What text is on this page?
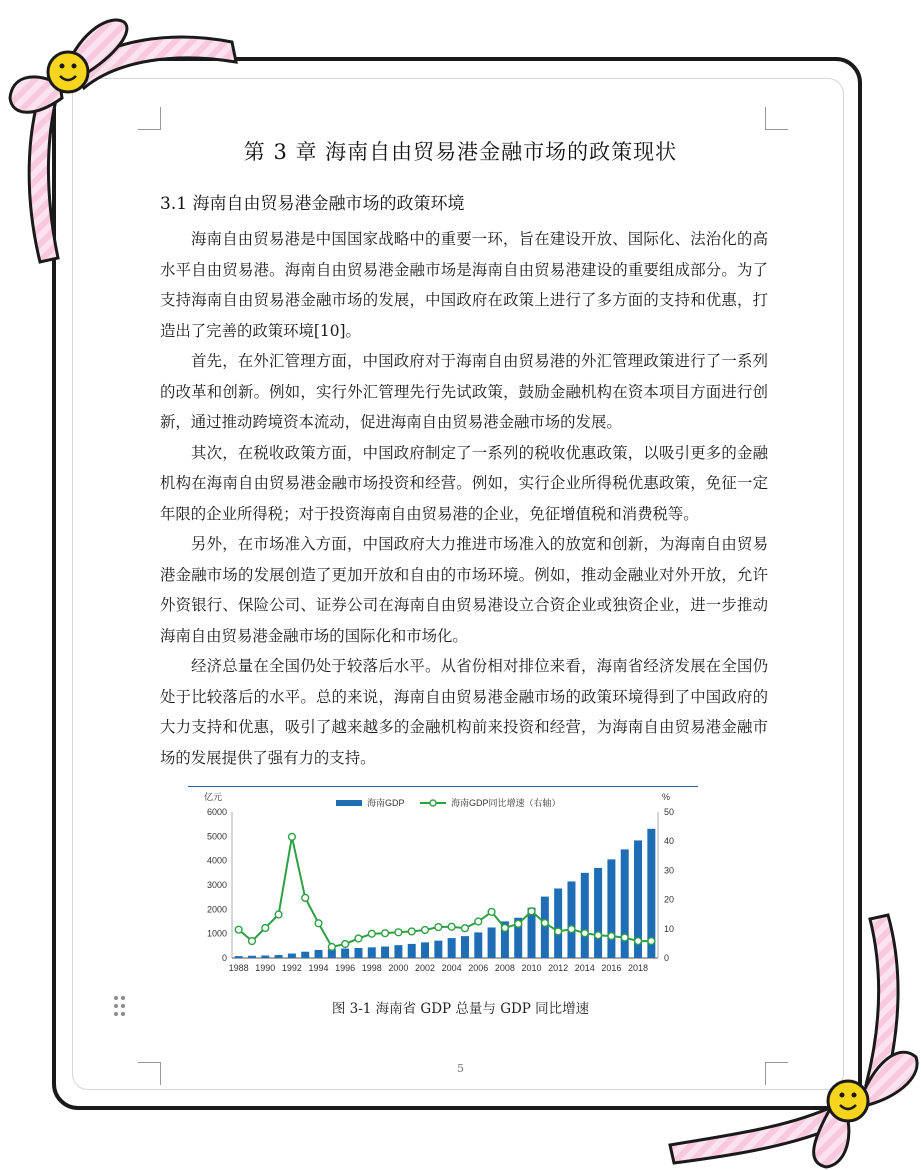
第 3 章 海南自由贸易港金融市场的政策现状
3.1 海南自由贸易港金融市场的政策环境

海南自由贸易港是中国国家战略中的重要一环，旨在建设开放、国际化、法治化的高水平自由贸易港。海南自由贸易港金融市场是海南自由贸易港建设的重要组成部分。为了支持海南自由贸易港金融市场的发展，中国政府在政策上进行了多方面的支持和优惠，打造出了完善的政策环境[10]。

首先，在外汇管理方面，中国政府对于海南自由贸易港的外汇管理政策进行了一系列的改革和创新。例如，实行外汇管理先行先试政策，鼓励金融机构在资本项目方面进行创新，通过推动跨境资本流动，促进海南自由贸易港金融市场的发展。

其次，在税收政策方面，中国政府制定了一系列的税收优惠政策，以吸引更多的金融机构在海南自由贸易港金融市场投资和经营。例如，实行企业所得税优惠政策，免征一定年限的企业所得税；对于投资海南自由贸易港的企业，免征增值税和消费税等。

另外，在市场准入方面，中国政府大力推进市场准入的放宽和创新，为海南自由贸易港金融市场的发展创造了更加开放和自由的市场环境。例如，推动金融业对外开放，允许外资银行、保险公司、证券公司在海南自由贸易港设立合资企业或独资企业，进一步推动海南自由贸易港金融市场的国际化和市场化。

经济总量在全国仍处于较落后水平。从省份相对排位来看，海南省经济发展在全国仍处于比较落后的水平。总的来说，海南自由贸易港金融市场的政策环境得到了中国政府的大力支持和优惠，吸引了越来越多的金融机构前来投资和经营，为海南自由贸易港金融市场的发展提供了强有力的支持。

0
1000
2000
3000
4000
5000
6000
亿元
0
10
20
30
40
50
%
1988 1990 1992 1994 1996 1998 2000 2002 2004 2006 2008 2010 2012 2014 2016 2018
海南GDP	海南GDP同比增速（右轴）
图 3-1 海南省 GDP 总量与 GDP 同比增速
5
